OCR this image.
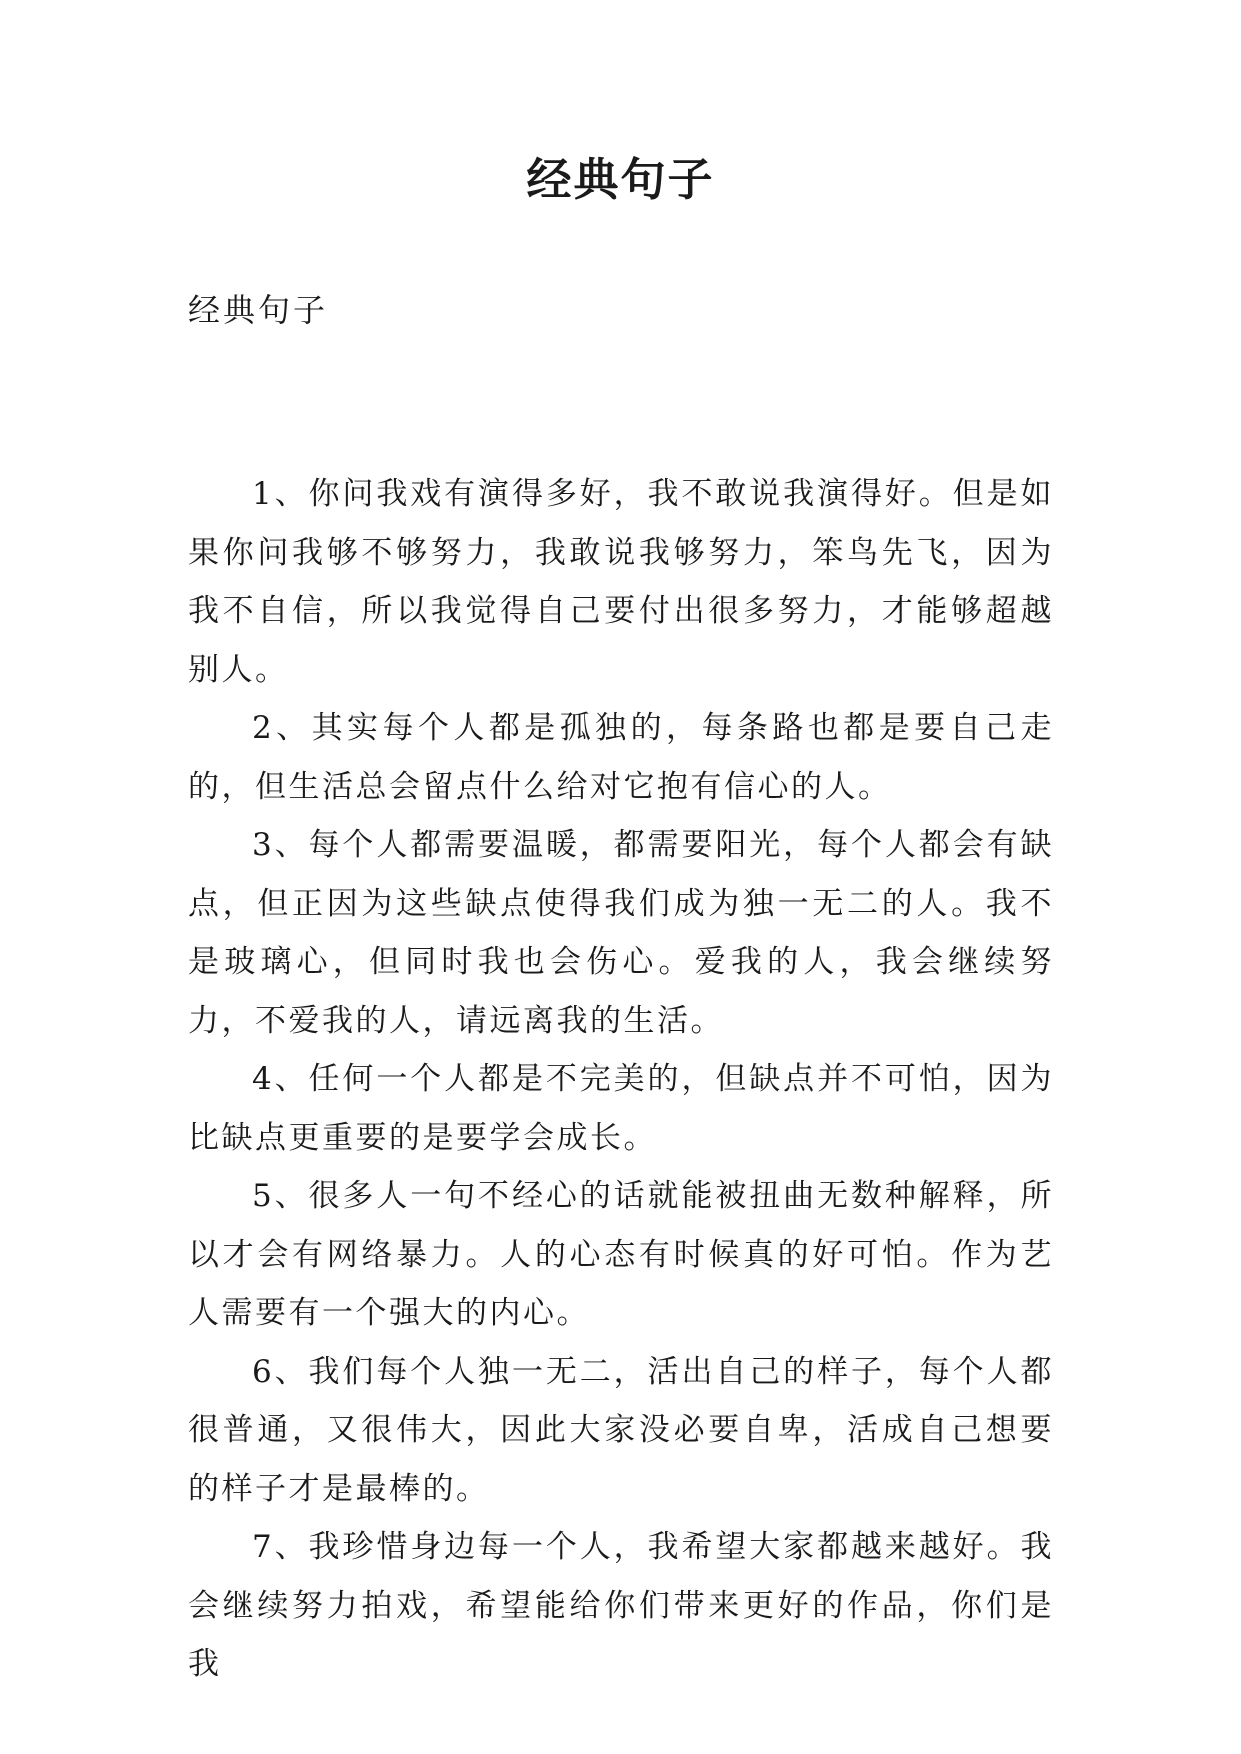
经典句子

经典句子

1、你问我戏有演得多好，我不敢说我演得好。但是如果你问我够不够努力，我敢说我够努力，笨鸟先飞，因为我不自信，所以我觉得自己要付出很多努力，才能够超越别人。

2、其实每个人都是孤独的，每条路也都是要自己走的，但生活总会留点什么给对它抱有信心的人。

3、每个人都需要温暖，都需要阳光，每个人都会有缺点，但正因为这些缺点使得我们成为独一无二的人。我不是玻璃心，但同时我也会伤心。爱我的人，我会继续努力，不爱我的人，请远离我的生活。

4、任何一个人都是不完美的，但缺点并不可怕，因为比缺点更重要的是要学会成长。

5、很多人一句不经心的话就能被扭曲无数种解释，所以才会有网络暴力。人的心态有时候真的好可怕。作为艺人需要有一个强大的内心。

6、我们每个人独一无二，活出自己的样子，每个人都很普通，又很伟大，因此大家没必要自卑，活成自己想要的样子才是最棒的。

7、我珍惜身边每一个人，我希望大家都越来越好。我会继续努力拍戏，希望能给你们带来更好的作品，你们是我
